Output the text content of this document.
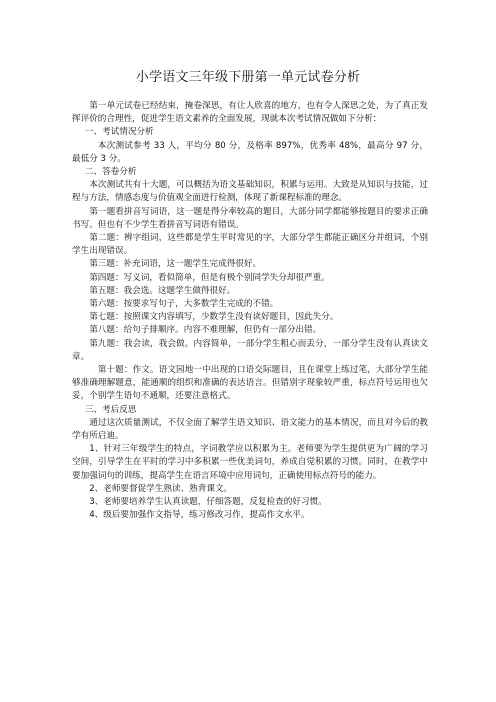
小学语文三年级下册第一单元试卷分析

第一单元试卷已经结束，掩卷深思，有让人欣喜的地方，也有令人深思之处，为了真正发挥评价的合理性，促进学生语文素养的全面发展，现就本次考试情况做如下分析：

一、考试情况分析

本次测试参考 33 人，平均分 80 分，及格率 897%，优秀率 48%，最高分 97 分，最低分 3 分。

二、答卷分析

本次测试共有十大题，可以概括为语文基础知识，积累与运用。大致是从知识与技能，过程与方法，情感态度与价值观全面进行检测，体现了新课程标准的理念。

第一题看拼音写词语，这一题是得分率较高的题目，大部分同学都能够按题目的要求正确书写。但也有不少学生看拼音写词语有错误。

第二题：辨字组词，这些都是学生平时常见的字，大部分学生都能正确区分并组词，个别学生出现错误。

第三题：补充词语，这一题学生完成得很好。

第四题：写义词，看似简单，但是有极个别同学失分却很严重。

第五题：我会选。这题学生做得很好。

第六题：按要求写句子，大多数学生完成的不错。

第七题：按照课文内容填写，少数学生没有读好题目，因此失分。

第八题：给句子排顺序。内容不难理解，但仍有一部分出错。

第九题：我会读，我会做。内容简单，一部分学生粗心而丢分，一部分学生没有认真读文章。

第十题：作文。语文园地一中出现的口语交际题目，且在课堂上练过笔，大部分学生能够准确理解题意，能通顺的组织和准确的表达语言。但错别字现象较严重，标点符号运用也欠妥，个别学生语句不通顺，还要注意格式。

三、考后反思

通过这次质量测试，不仅全面了解学生语文知识、语文能力的基本情况，而且对今后的教学有所启迪。

1、针对三年级学生的特点，字词教学应以积累为主。老师要为学生提供更为广阔的学习空间，引导学生在平时的学习中多积累一些优美词句，养成自觉积累的习惯。同时，在教学中要加强词句的训练，提高学生在语言环境中应用词句，正确使用标点符号的能力。

2、老师要督促学生熟读、熟背课文。

3、老师要培养学生认真读题，仔细答题，反复检查的好习惯。

4、级后要加强作文指导，练习修改习作，提高作文水平。
